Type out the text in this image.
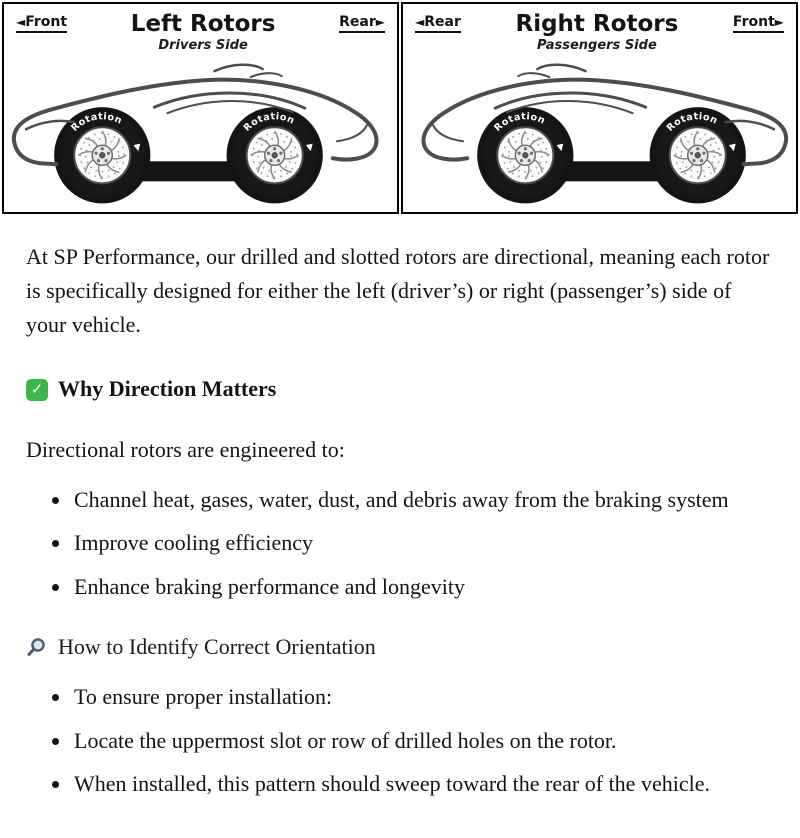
◄Front	Left Rotors
Drivers Side
Rear►
Rotation
Rotation
◄Rear	Right Rotors
Passengers Side
Front►
Rotation
Rotation

At SP Performance, our drilled and slotted rotors are directional, meaning each rotor is specifically designed for either the left (driver’s) or right (passenger’s) side of your vehicle.

✓ Why Direction Matters

Directional rotors are engineered to:

• Channel heat, gases, water, dust, and debris away from the braking system
• Improve cooling efficiency
• Enhance braking performance and longevity
How to Identify Correct Orientation
• To ensure proper installation:
• Locate the uppermost slot or row of drilled holes on the rotor.
• When installed, this pattern should sweep toward the rear of the vehicle.
